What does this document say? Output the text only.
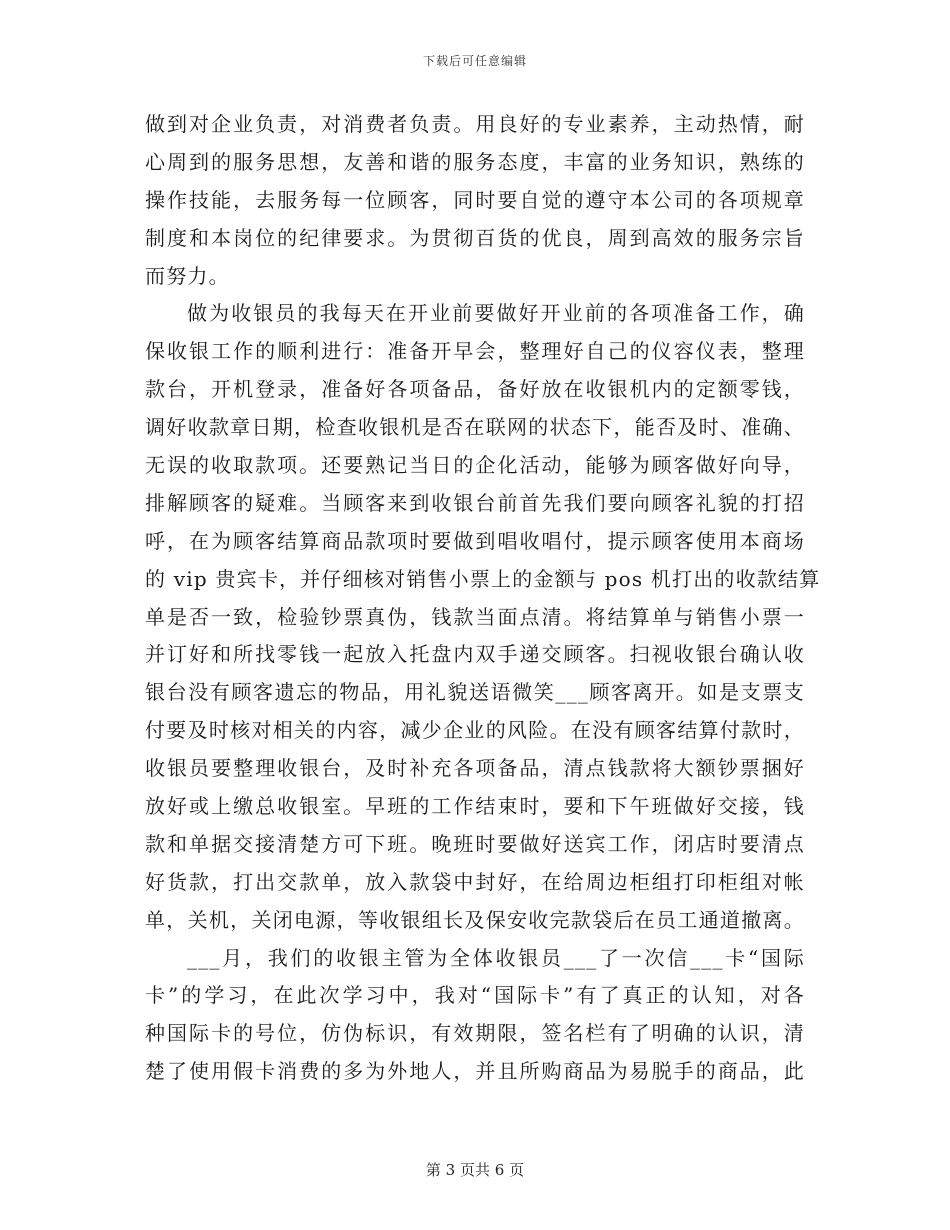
下载后可任意编辑
做到对企业负责，对消费者负责。用良好的专业素养，主动热情，耐
心周到的服务思想，友善和谐的服务态度，丰富的业务知识，熟练的
操作技能，去服务每一位顾客，同时要自觉的遵守本公司的各项规章
制度和本岗位的纪律要求。为贯彻百货的优良，周到高效的服务宗旨
而努力。
做为收银员的我每天在开业前要做好开业前的各项准备工作，确
保收银工作的顺利进行：准备开早会，整理好自己的仪容仪表，整理
款台，开机登录，准备好各项备品，备好放在收银机内的定额零钱，
调好收款章日期，检查收银机是否在联网的状态下，能否及时、准确、
无误的收取款项。还要熟记当日的企化活动，能够为顾客做好向导，
排解顾客的疑难。当顾客来到收银台前首先我们要向顾客礼貌的打招
呼，在为顾客结算商品款项时要做到唱收唱付，提示顾客使用本商场
的 vip 贵宾卡，并仔细核对销售小票上的金额与 pos 机打出的收款结算
单是否一致，检验钞票真伪，钱款当面点清。将结算单与销售小票一
并订好和所找零钱一起放入托盘内双手递交顾客。扫视收银台确认收
银台没有顾客遗忘的物品，用礼貌送语微笑___顾客离开。如是支票支
付要及时核对相关的内容，减少企业的风险。在没有顾客结算付款时，
收银员要整理收银台，及时补充各项备品，清点钱款将大额钞票捆好
放好或上缴总收银室。早班的工作结束时，要和下午班做好交接，钱
款和单据交接清楚方可下班。晚班时要做好送宾工作，闭店时要清点
好货款，打出交款单，放入款袋中封好，在给周边柜组打印柜组对帐
单，关机，关闭电源，等收银组长及保安收完款袋后在员工通道撤离。
___月，我们的收银主管为全体收银员___了一次信___卡“国际
卡”的学习，在此次学习中，我对“国际卡”有了真正的认知，对各
种国际卡的号位，仿伪标识，有效期限，签名栏有了明确的认识，清
楚了使用假卡消费的多为外地人，并且所购商品为易脱手的商品，此
第 3 页共 6 页
